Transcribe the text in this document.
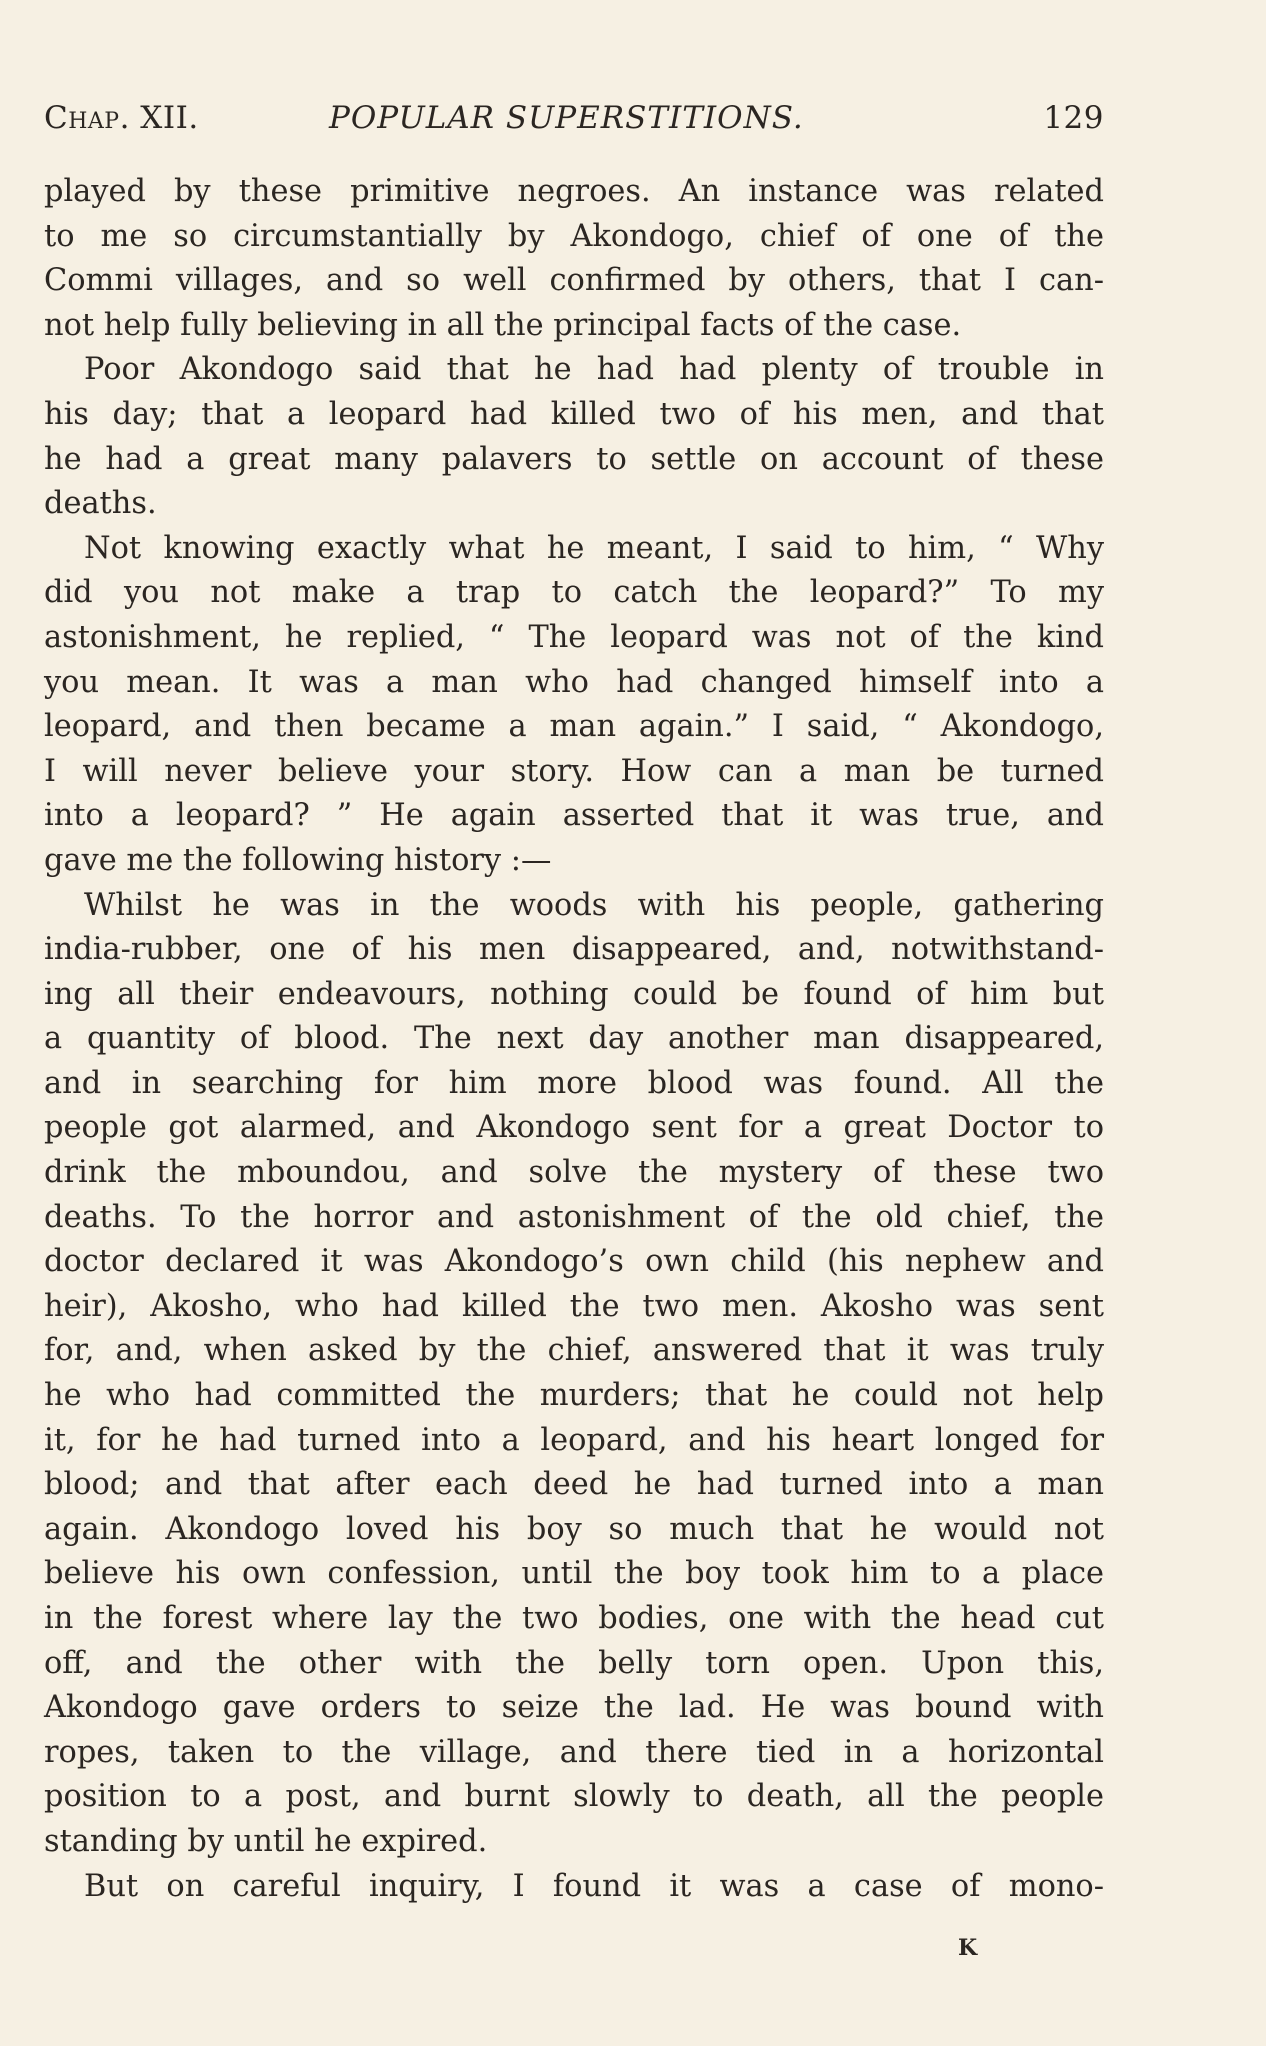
Chap. XII.	POPULAR SUPERSTITIONS.	129
played by these primitive negroes. An instance was related
to me so circumstantially by Akondogo, chief of one of the
Commi villages, and so well confirmed by others, that I can-
not help fully believing in all the principal facts of the case.
Poor Akondogo said that he had had plenty of trouble in
his day; that a leopard had killed two of his men, and that
he had a great many palavers to settle on account of these
deaths.
Not knowing exactly what he meant, I said to him, “ Why
did you not make a trap to catch the leopard?” To my
astonishment, he replied, “ The leopard was not of the kind
you mean. It was a man who had changed himself into a
leopard, and then became a man again.” I said, “ Akondogo,
I will never believe your story. How can a man be turned
into a leopard? ” He again asserted that it was true, and
gave me the following history :—
Whilst he was in the woods with his people, gathering
india-rubber, one of his men disappeared, and, notwithstand-
ing all their endeavours, nothing could be found of him but
a quantity of blood. The next day another man disappeared,
and in searching for him more blood was found. All the
people got alarmed, and Akondogo sent for a great Doctor to
drink the mboundou, and solve the mystery of these two
deaths. To the horror and astonishment of the old chief, the
doctor declared it was Akondogo’s own child (his nephew and
heir), Akosho, who had killed the two men. Akosho was sent
for, and, when asked by the chief, answered that it was truly
he who had committed the murders; that he could not help
it, for he had turned into a leopard, and his heart longed for
blood; and that after each deed he had turned into a man
again. Akondogo loved his boy so much that he would not
believe his own confession, until the boy took him to a place
in the forest where lay the two bodies, one with the head cut
off, and the other with the belly torn open. Upon this,
Akondogo gave orders to seize the lad. He was bound with
ropes, taken to the village, and there tied in a horizontal
position to a post, and burnt slowly to death, all the people
standing by until he expired.
But on careful inquiry, I found it was a case of mono-
K
